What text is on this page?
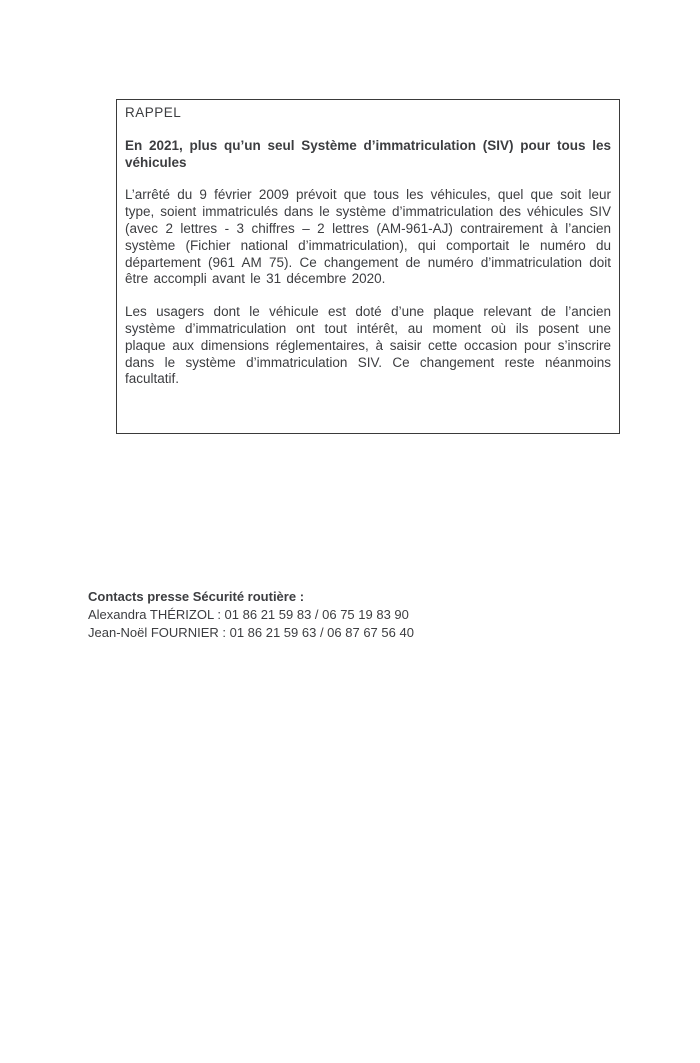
RAPPEL

En 2021, plus qu’un seul Système d’immatriculation (SIV) pour tous les véhicules

L’arrêté du 9 février 2009 prévoit que tous les véhicules, quel que soit leur type, soient immatriculés dans le système d’immatriculation des véhicules SIV (avec 2 lettres - 3 chiffres – 2 lettres (AM-961-AJ) contrairement à l’ancien système (Fichier national d’immatriculation), qui comportait le numéro du département (961 AM 75). Ce changement de numéro d’immatriculation doit être accompli avant le 31 décembre 2020.

Les usagers dont le véhicule est doté d’une plaque relevant de l’ancien système d’immatriculation ont tout intérêt, au moment où ils posent une plaque aux dimensions réglementaires, à saisir cette occasion pour s’inscrire dans le système d’immatriculation SIV. Ce changement reste néanmoins facultatif.

Contacts presse Sécurité routière :

Alexandra THÉRIZOL : 01 86 21 59 83 / 06 75 19 83 90

Jean-Noël FOURNIER : 01 86 21 59 63 / 06 87 67 56 40
